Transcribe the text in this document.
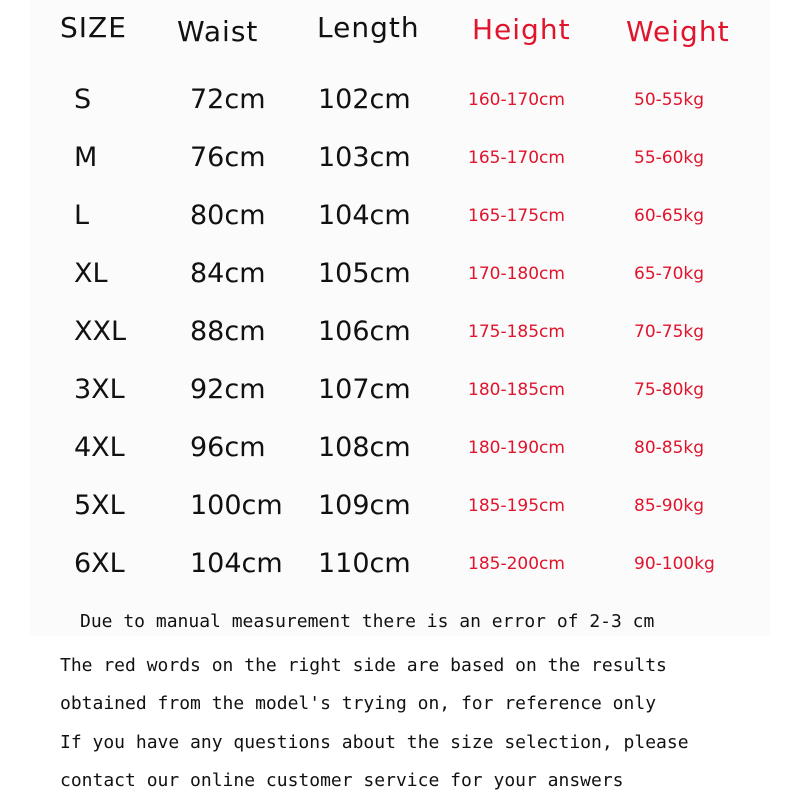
SIZE Waist Length Height Weight
S	72cm 102cm	160-170cm	50-55kg
M	76cm 103cm	165-170cm	55-60kg
L	80cm 104cm	165-175cm	60-65kg
XL	84cm 105cm	170-180cm	65-70kg
XXL 88cm 106cm	175-185cm	70-75kg
3XL 92cm 107cm	180-185cm	75-80kg
4XL 96cm 108cm	180-190cm	80-85kg
5XL 100cm 109cm	185-195cm	85-90kg
6XL 104cm 110cm	185-200cm	90-100kg
Due to manual measurement there is an error of 2-3 cm
The red words on the right side are based on the results
obtained from the model's trying on, for reference only
If you have any questions about the size selection, please
contact our online customer service for your answers
